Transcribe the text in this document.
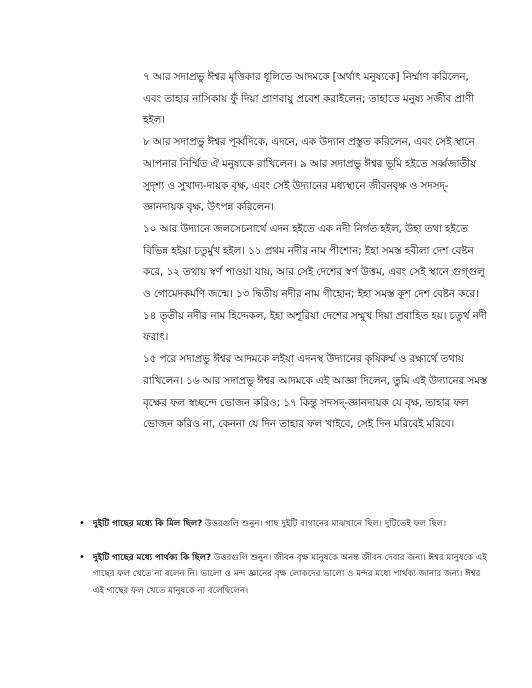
৭ আর সদাপ্রভু ঈশ্বর মৃত্তিকার ধূলিতে আদমকে [অর্থাৎ মনুষ্যকে] নির্ম্মাণ করিলেন, এবং তাহার নাসিকায় ফুঁ দিয়া প্রাণবায়ু প্রবেশ করাইলেন; তাহাতে মনুষ্য সজীব প্রাণী হইল।

৮ আর সদাপ্রভু ঈশ্বর পূর্ব্বদিকে, এদনে, এক উদ্যান প্রস্তুত করিলেন, এবং সেই স্থানে আপনার নির্ম্মিত ঐ মনুষ্যকে রাখিলেন। ৯ আর সদাপ্রভু ঈশ্বর ভূমি হইতে সর্ব্বজাতীয় সুদৃশ্য ও সুখাদ্য-দায়ক বৃক্ষ, এবং সেই উদ্যানের মধ্যস্থানে জীবনবৃক্ষ ও সদসদ্‌-জ্ঞানদায়ক বৃক্ষ, উৎপন্ন করিলেন।

১০ আর উদ্যানে জলসেচনার্থে এদন হইতে এক নদী নির্গত হইল, উহা তথা হইতে বিভিন্ন হইয়া চতুর্মুখ হইল। ১১ প্রথম নদীর নাম পীশোন; ইহা সমস্ত হবীলা দেশ বেষ্টন করে, ১২ তথায় স্বর্ণ পাওয়া যায়, আর সেই দেশের স্বর্ণ উত্তম, এবং সেই স্থানে গুগ্‌গুলু ও গোমেদকমণি জন্মে। ১৩ দ্বিতীয় নদীর নাম গীহোন; ইহা সমস্ত কূশ দেশ বেষ্টন করে। ১৪ তৃতীয় নদীর নাম হিদ্দেকল, ইহা অশূরিয়া দেশের সম্মুখ দিয়া প্রবাহিত হয়। চতুর্থ নদী ফরাৎ।

১৫ পরে সদাপ্রভু ঈশ্বর আদমকে লইয়া এদনস্থ উদ্যানের কৃষিকর্ম্ম ও রক্ষার্থে তথায় রাখিলেন। ১৬ আর সদাপ্রভু ঈশ্বর আদমকে এই আজ্ঞা দিলেন, তুমি এই উদ্যানের সমস্ত বৃক্ষের ফল স্বচ্ছন্দে ভোজন করিও; ১৭ কিন্তু সদসদ্‌-জ্ঞানদায়ক যে বৃক্ষ, তাহার ফল ভোজন করিও না, কেননা যে দিন তাহার ফল খাইবে, সেই দিন মরিবেই মরিবে।

• দুইটি গাছের মধ্যে কি মিল ছিল? উত্তরগুলি শুনুন। গাছ দুইটি বাগানের মাঝখানে ছিল। দুটিতেই ফল ছিল।
• দুইটি গাছের মধ্যে পার্থক্য কি ছিল? উত্তরগুলি শুনুন। জীবন বৃক্ষ মানুষকে অনন্ত জীবন দেবার জন্য। ঈশ্বর মানুষকে এই গাছের ফল খেতে না বলেন নি। ভালো ও মন্দ জ্ঞানের বৃক্ষ লোকদের ভালো ও মন্দর মধ্যে পার্থক্য জানার জন্য। ঈশ্বর এই গাছের ফল খেতে মানুষকে না বলেছিলেন।
